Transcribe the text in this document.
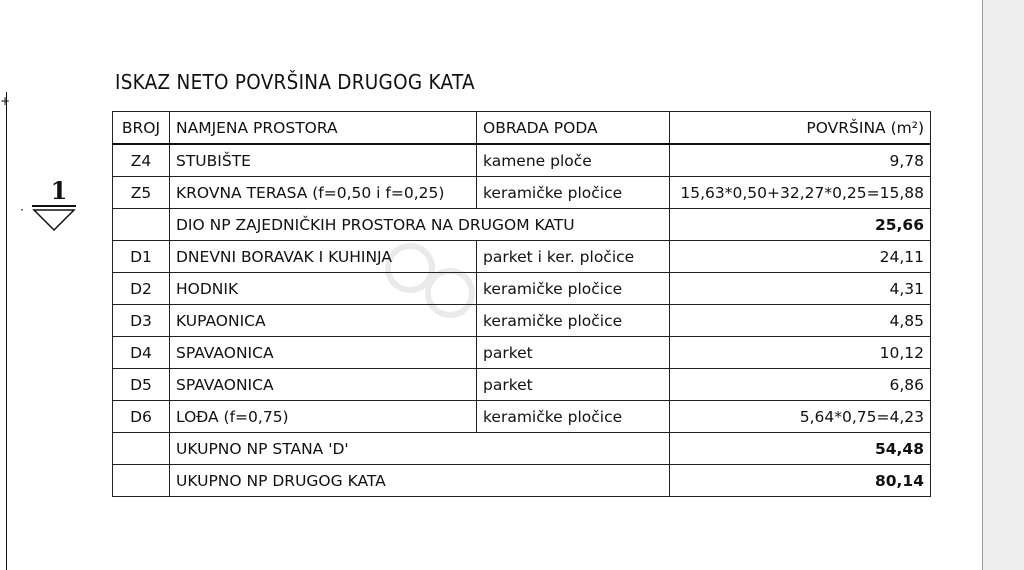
+
1
·
ISKAZ NETO POVRŠINA DRUGOG KATA
BROJ	NAMJENA PROSTORA	OBRADA PODA	POVRŠINA (m²)
Z4	STUBIŠTE	kamene ploče	9,78
Z5	KROVNA TERASA (f=0,50 i f=0,25)	keramičke pločice	15,63*0,50+32,27*0,25=15,88
	DIO NP ZAJEDNIČKIH PROSTORA NA DRUGOM KATU		25,66
D1	DNEVNI BORAVAK I KUHINJA	parket i ker. pločice	24,11
D2	HODNIK	keramičke pločice	4,31
D3	KUPAONICA	keramičke pločice	4,85
D4	SPAVAONICA	parket	10,12
D5	SPAVAONICA	parket	6,86
D6	LOĐA (f=0,75)	keramičke pločice	5,64*0,75=4,23
	UKUPNO NP STANA 'D'		54,48
	UKUPNO NP DRUGOG KATA		80,14
